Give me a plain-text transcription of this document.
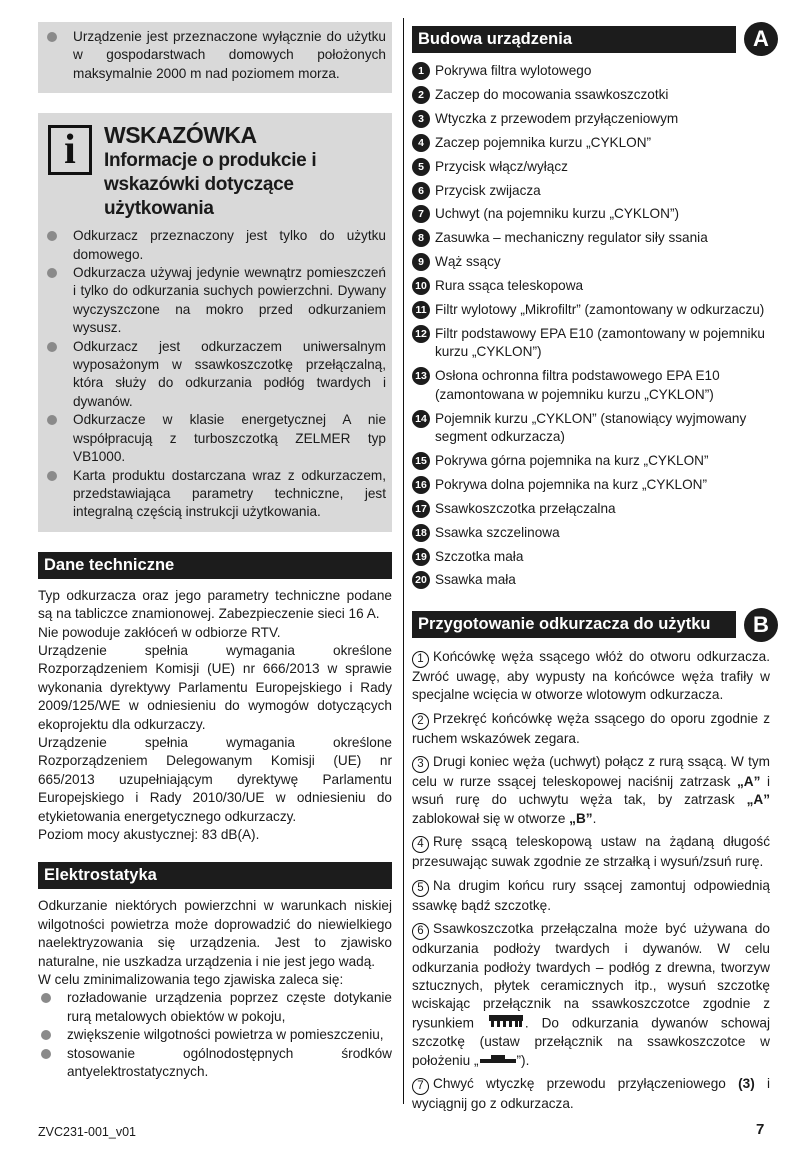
Urządzenie jest przeznaczone wyłącznie do użytku w gospodarstwach domowych położonych maksymalnie 2000 m nad poziomem morza.
i	WSKAZÓWKA
Informacje o produkcie i wskazówki dotyczące użytkowania
Odkurzacz przeznaczony jest tylko do użytku domowego.
Odkurzacza używaj jedynie wewnątrz pomieszczeń i tylko do odkurzania suchych powierzchni. Dywany wyczyszczone na mokro przed odkurzaniem wysusz.
Odkurzacz jest odkurzaczem uniwersalnym wyposażonym w ssawkoszczotkę przełączalną, która służy do odkurzania podłóg twardych i dywanów.
Odkurzacze w klasie energetycznej A nie współpracują z turboszczotką ZELMER typ VB1000.
Karta produktu dostarczana wraz z odkurzaczem, przedstawiająca parametry techniczne, jest integralną częścią instrukcji użytkowania.
Dane techniczne

Typ odkurzacza oraz jego parametry techniczne podane są na tabliczce znamionowej. Zabezpieczenie sieci 16 A.

Nie powoduje zakłóceń w odbiorze RTV.

Urządzenie spełnia wymagania określone Rozporządzeniem Komisji (UE) nr 666/2013 w sprawie wykonania dyrektywy Parlamentu Europejskiego i Rady 2009/125/WE w odniesieniu do wymogów dotyczących ekoprojektu dla odkurzaczy.

Urządzenie spełnia wymagania określone Rozporządzeniem Delegowanym Komisji (UE) nr 665/2013 uzupełniającym dyrektywę Parlamentu Europejskiego i Rady 2010/30/UE w odniesieniu do etykietowania energetycznego odkurzaczy.

Poziom mocy akustycznej: 83 dB(A).

Elektrostatyka

Odkurzanie niektórych powierzchni w warunkach niskiej wilgotności powietrza może doprowadzić do niewielkiego naelektryzowania się urządzenia. Jest to zjawisko naturalne, nie uszkadza urządzenia i nie jest jego wadą.

W celu zminimalizowania tego zjawiska zaleca się:

rozładowanie urządzenia poprzez częste dotykanie rurą metalowych obiektów w pokoju,
zwiększenie wilgotności powietrza w pomieszczeniu,
stosowanie ogólnodostępnych środków antyelektrostatycznych.
Budowa urządzenia	A
1 Pokrywa filtra wylotowego
2 Zaczep do mocowania ssawkoszczotki
3 Wtyczka z przewodem przyłączeniowym
4 Zaczep pojemnika kurzu „CYKLON”
5 Przycisk włącz/wyłącz
6 Przycisk zwijacza
7 Uchwyt (na pojemniku kurzu „CYKLON”)
8 Zasuwka – mechaniczny regulator siły ssania
9 Wąż ssący
10 Rura ssąca teleskopowa
11 Filtr wylotowy „Mikrofiltr” (zamontowany w odkurzaczu)
12 Filtr podstawowy EPA E10 (zamontowany w pojemniku kurzu „CYKLON”)
13 Osłona ochronna filtra podstawowego EPA E10 (zamontowana w pojemniku kurzu „CYKLON”)
14 Pojemnik kurzu „CYKLON” (stanowiący wyjmowany segment odkurzacza)
15 Pokrywa górna pojemnika na kurz „CYKLON”
16 Pokrywa dolna pojemnika na kurz „CYKLON”
17 Ssawkoszczotka przełączalna
18 Ssawka szczelinowa
19 Szczotka mała
20 Ssawka mała
Przygotowanie odkurzacza do użytku	B
1 Końcówkę węża ssącego włóż do otworu odkurzacza. Zwróć uwagę, aby wypusty na końcówce węża trafiły w specjalne wcięcia w otworze wlotowym odkurzacza.
2 Przekręć końcówkę węża ssącego do oporu zgodnie z ruchem wskazówek zegara.
3 Drugi koniec węża (uchwyt) połącz z rurą ssącą. W tym celu w rurze ssącej teleskopowej naciśnij zatrzask „A” i wsuń rurę do uchwytu węża tak, by zatrzask „A” zablokował się w otworze „B”.
4 Rurę ssącą teleskopową ustaw na żądaną długość przesuwając suwak zgodnie ze strzałką i wysuń/zsuń rurę.
5 Na drugim końcu rury ssącej zamontuj odpowiednią ssawkę bądź szczotkę.
6 Ssawkoszczotka przełączalna może być używana do odkurzania podłoży twardych i dywanów. W celu odkurzania podłoży twardych – podłóg z drewna, tworzyw sztucznych, płytek ceramicznych itp., wysuń szczotkę wciskając przełącznik na ssawkoszczotce zgodnie z rysunkiem	. Do odkurzania dywanów schowaj szczotkę (ustaw przełącznik na ssawkoszczotce w położeniu „	”).
7 Chwyć wtyczkę przewodu przyłączeniowego (3) i wyciągnij go z odkurzacza.
ZVC231-001_v01	7
